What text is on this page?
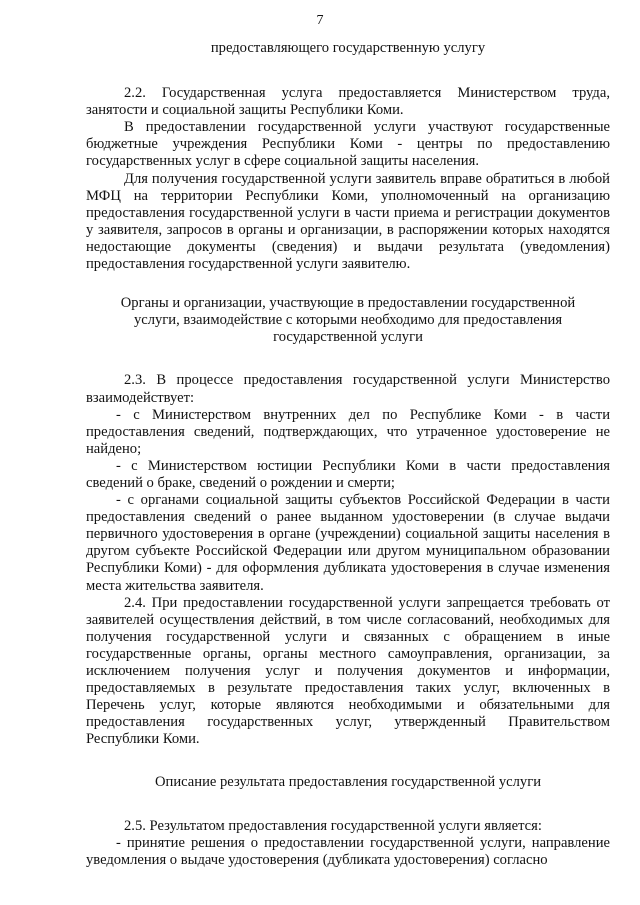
7

предоставляющего государственную услугу

2.2. Государственная услуга предоставляется Министерством труда, занятости и социальной защиты Республики Коми.

В предоставлении государственной услуги участвуют государственные бюджетные учреждения Республики Коми - центры по предоставлению государственных услуг в сфере социальной защиты населения.

Для получения государственной услуги заявитель вправе обратиться в любой МФЦ на территории Республики Коми, уполномоченный на организацию предоставления государственной услуги в части приема и регистрации документов у заявителя, запросов в органы и организации, в распоряжении которых находятся недостающие документы (сведения) и выдачи результата (уведомления) предоставления государственной услуги заявителю.

Органы и организации, участвующие в предоставлении государственной услуги, взаимодействие с которыми необходимо для предоставления государственной услуги

2.3. В процессе предоставления государственной услуги Министерство взаимодействует:

- с Министерством внутренних дел по Республике Коми - в части предоставления сведений, подтверждающих, что утраченное удостоверение не найдено;

- с Министерством юстиции Республики Коми в части предоставления сведений о браке, сведений о рождении и смерти;

- с органами социальной защиты субъектов Российской Федерации в части предоставления сведений о ранее выданном удостоверении (в случае выдачи первичного удостоверения в органе (учреждении) социальной защиты населения в другом субъекте Российской Федерации или другом муниципальном образовании Республики Коми) - для оформления дубликата удостоверения в случае изменения места жительства заявителя.

2.4. При предоставлении государственной услуги запрещается требовать от заявителей осуществления действий, в том числе согласований, необходимых для получения государственной услуги и связанных с обращением в иные государственные органы, органы местного самоуправления, организации, за исключением получения услуг и получения документов и информации, предоставляемых в результате предоставления таких услуг, включенных в Перечень услуг, которые являются необходимыми и обязательными для предоставления государственных услуг, утвержденный Правительством Республики Коми.

Описание результата предоставления государственной услуги

2.5. Результатом предоставления государственной услуги является:

- принятие решения о предоставлении государственной услуги, направление уведомления о выдаче удостоверения (дубликата удостоверения) согласно
